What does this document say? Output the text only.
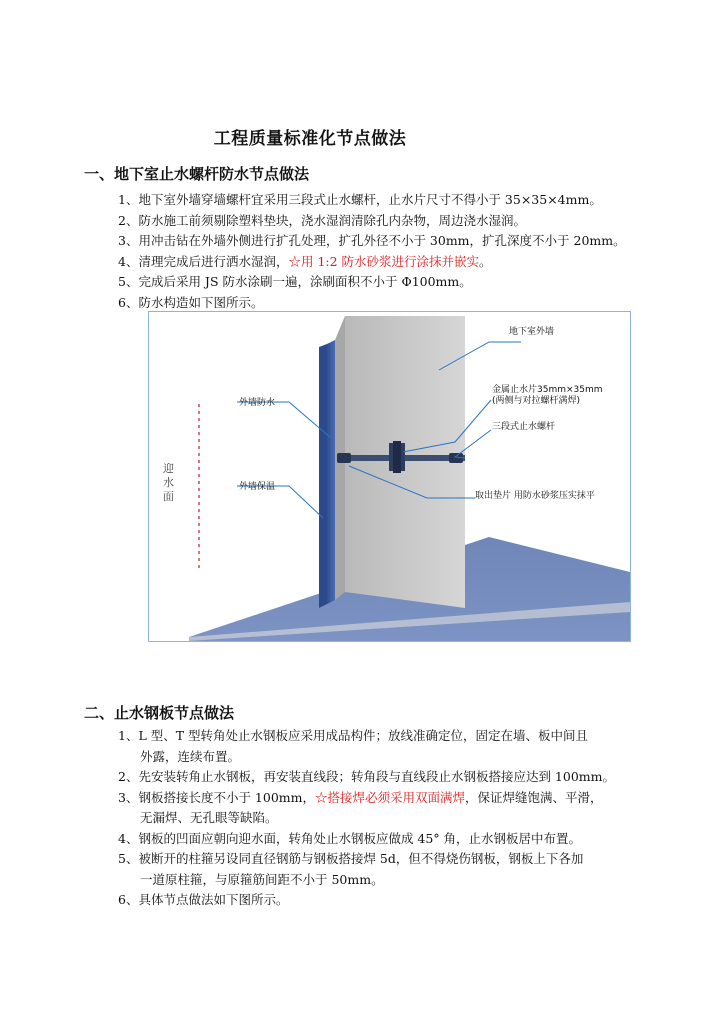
工程质量标准化节点做法
一、地下室止水螺杆防水节点做法
1、地下室外墙穿墙螺杆宜采用三段式止水螺杆，止水片尺寸不得小于 35×35×4mm。
2、防水施工前须剔除塑料垫块，浇水湿润清除孔内杂物，周边浇水湿润。
3、用冲击钻在外墙外侧进行扩孔处理，扩孔外径不小于 30mm，扩孔深度不小于 20mm。
4、清理完成后进行洒水湿润，☆用 1:2 防水砂浆进行涂抹并嵌实。
5、完成后采用 JS 防水涂刷一遍，涂刷面积不小于 Φ100mm。
6、防水构造如下图所示。
地下室外墙
金属止水片35mm×35mm
(两侧与对拉螺杆满焊)
三段式止水螺杆
外墙防水
外墙保温
取出垫片 用防水砂浆压实抹平
迎
水
面
二、止水钢板节点做法
1、L 型、T 型转角处止水钢板应采用成品构件；放线准确定位，固定在墙、板中间且
外露，连续布置。
2、先安装转角止水钢板，再安装直线段；转角段与直线段止水钢板搭接应达到 100mm。
3、钢板搭接长度不小于 100mm，☆搭接焊必须采用双面满焊，保证焊缝饱满、平滑，
无漏焊、无孔眼等缺陷。
4、钢板的凹面应朝向迎水面，转角处止水钢板应做成 45° 角，止水钢板居中布置。
5、被断开的柱箍另设同直径钢筋与钢板搭接焊 5d，但不得烧伤钢板，钢板上下各加
一道原柱箍，与原箍筋间距不小于 50mm。
6、具体节点做法如下图所示。
